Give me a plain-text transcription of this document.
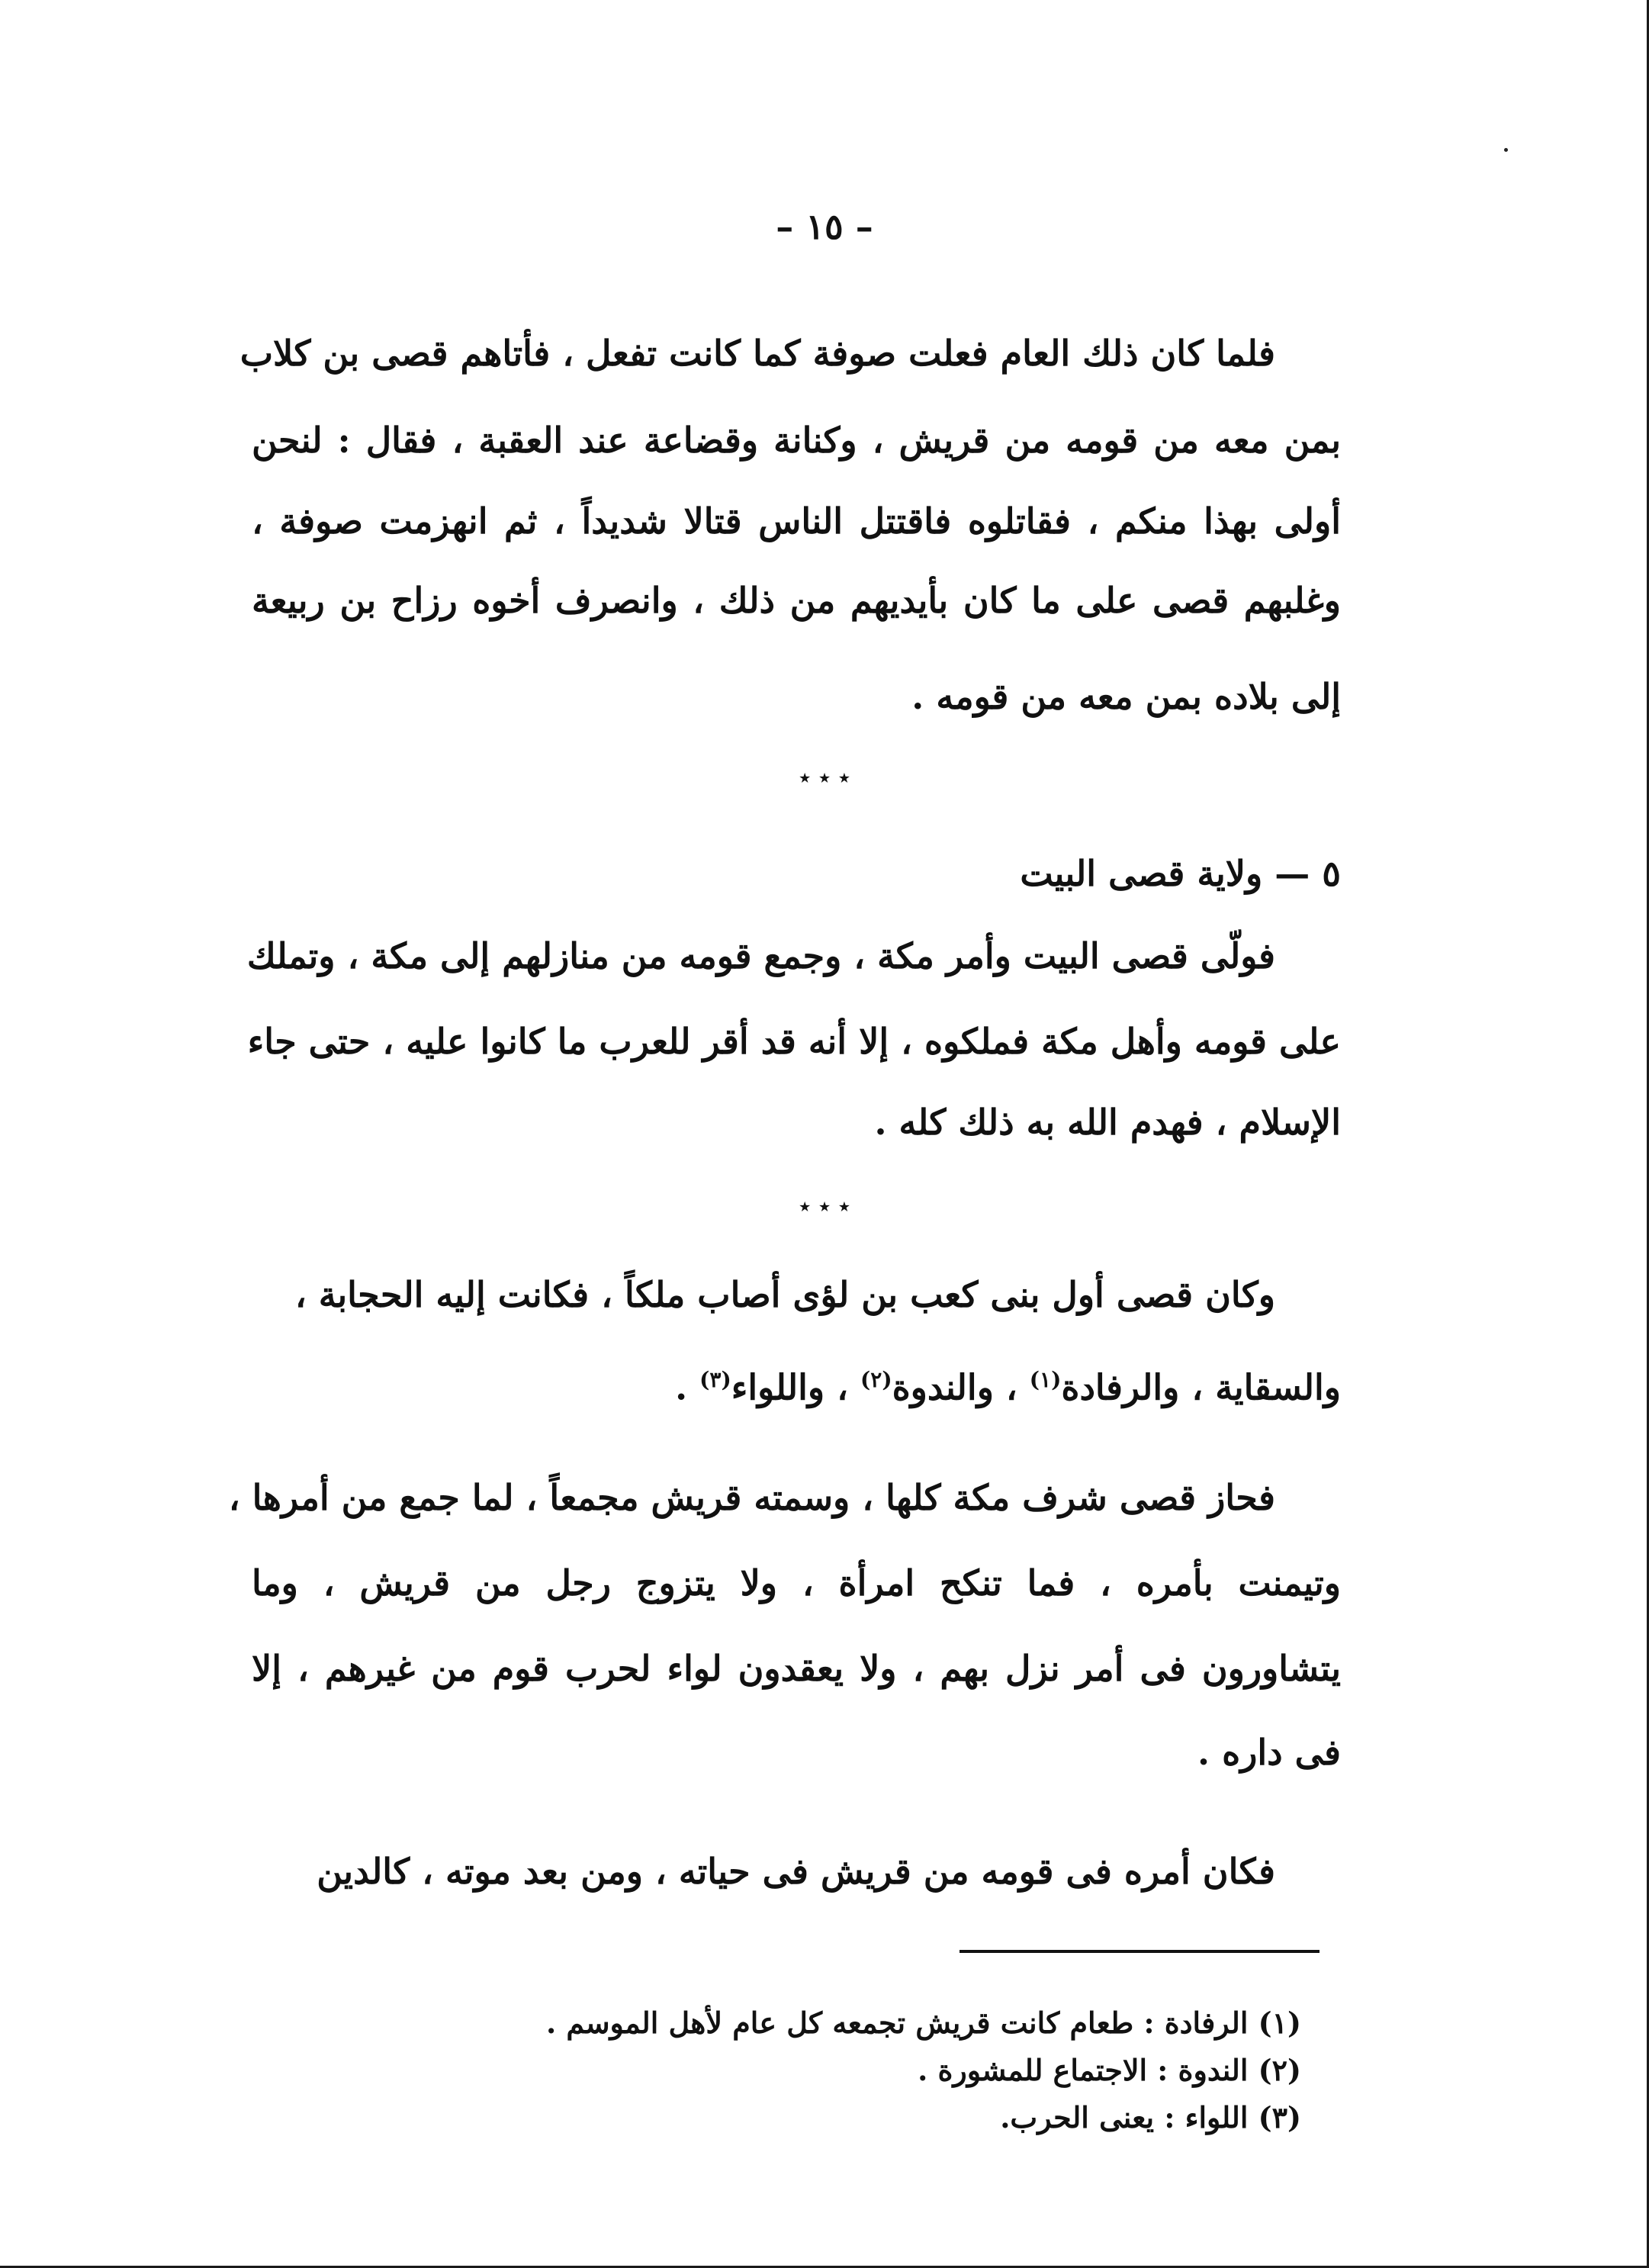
– ١٥ –
فلما كان ذلك العام فعلت صوفة كما كانت تفعل ، فأتاهم قصى بن كلاب
بمن معه من قومه من قريش ، وكنانة وقضاعة عند العقبة ، فقال : لنحن
أولى بهذا منكم ، فقاتلوه فاقتتل الناس قتالا شديداً ، ثم انهزمت صوفة ،
وغلبهم قصى على ما كان بأيديهم من ذلك ، وانصرف أخوه رزاح بن ربيعة
إلى بلاده بمن معه من قومه .
٭ ٭ ٭
٥ — ولاية قصى البيت
فولّى قصى البيت وأمر مكة ، وجمع قومه من منازلهم إلى مكة ، وتملك
على قومه وأهل مكة فملكوه ، إلا أنه قد أقر للعرب ما كانوا عليه ، حتى جاء
الإسلام ، فهدم الله به ذلك كله .
٭ ٭ ٭
وكان قصى أول بنى كعب بن لؤى أصاب ملكاً ، فكانت إليه الحجابة ،
والسقاية ، والرفادة$^{(١)}$ ، والندوة$^{(٢)}$ ، واللواء$^{(٣)}$ .
فحاز قصى شرف مكة كلها ، وسمته قريش مجمعاً ، لما جمع من أمرها ،
وتيمنت بأمره ، فما تنكح امرأة ، ولا يتزوج رجل من قريش ، وما
يتشاورون فى أمر نزل بهم ، ولا يعقدون لواء لحرب قوم من غيرهم ، إلا
فى داره .
فكان أمره فى قومه من قريش فى حياته ، ومن بعد موته ، كالدين
(١) الرفادة : طعام كانت قريش تجمعه كل عام لأهل الموسم .
(٢) الندوة : الاجتماع للمشورة .
(٣) اللواء : يعنى الحرب.
